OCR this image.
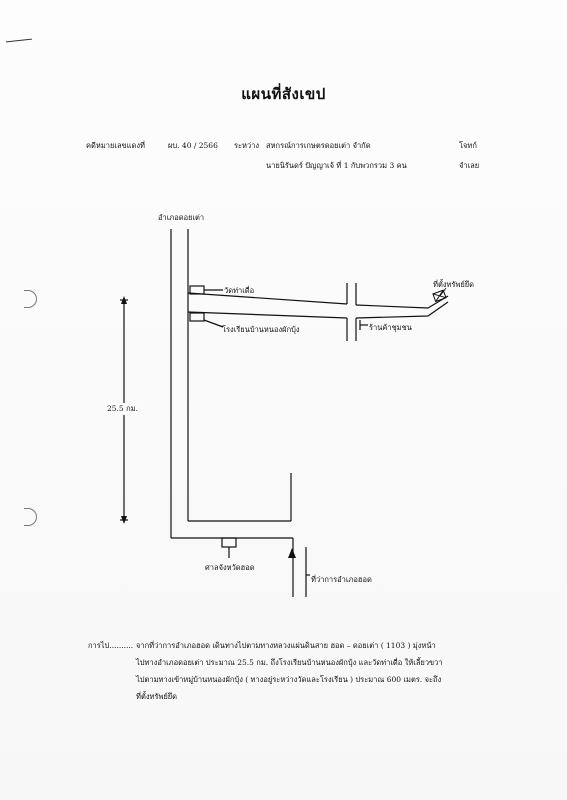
แผนที่สังเขป
คดีหมายเลขแดงที่	ผบ. 40 / 2566 ระหว่าง สหกรณ์การเกษตรดอยเต่า จำกัด	โจทก์
นายนิรันดร์ ปัญญาเจ้ ที่ 1 กับพวกรวม 3 คน	จำเลย
อำเภอดอยเต่า
วัดท่าเดื่อ
โรงเรียนบ้านหนองผักบุ้ง
ที่ตั้งทรัพย์ยึด
ร้านค้าชุมชน
25.5 กม.
ศาลจังหวัดฮอด
ที่ว่าการอำเภอฮอด
การไป.......... จากที่ว่าการอำเภอฮอด เดินทางไปตามทางหลวงแผ่นดินสาย ฮอด – ดอยเต่า ( 1103 ) มุ่งหน้า
ไปทางอำเภอดอยเต่า ประมาณ 25.5 กม. ถึงโรงเรียนบ้านหนองผักบุ้ง และวัดท่าเดื่อ ให้เลี้ยวขวา
ไปตามทางเข้าหมู่บ้านหนองผักบุ้ง ( ทางอยู่ระหว่างวัดและโรงเรียน ) ประมาณ 600 เมตร. จะถึง
ที่ตั้งทรัพย์ยึด
